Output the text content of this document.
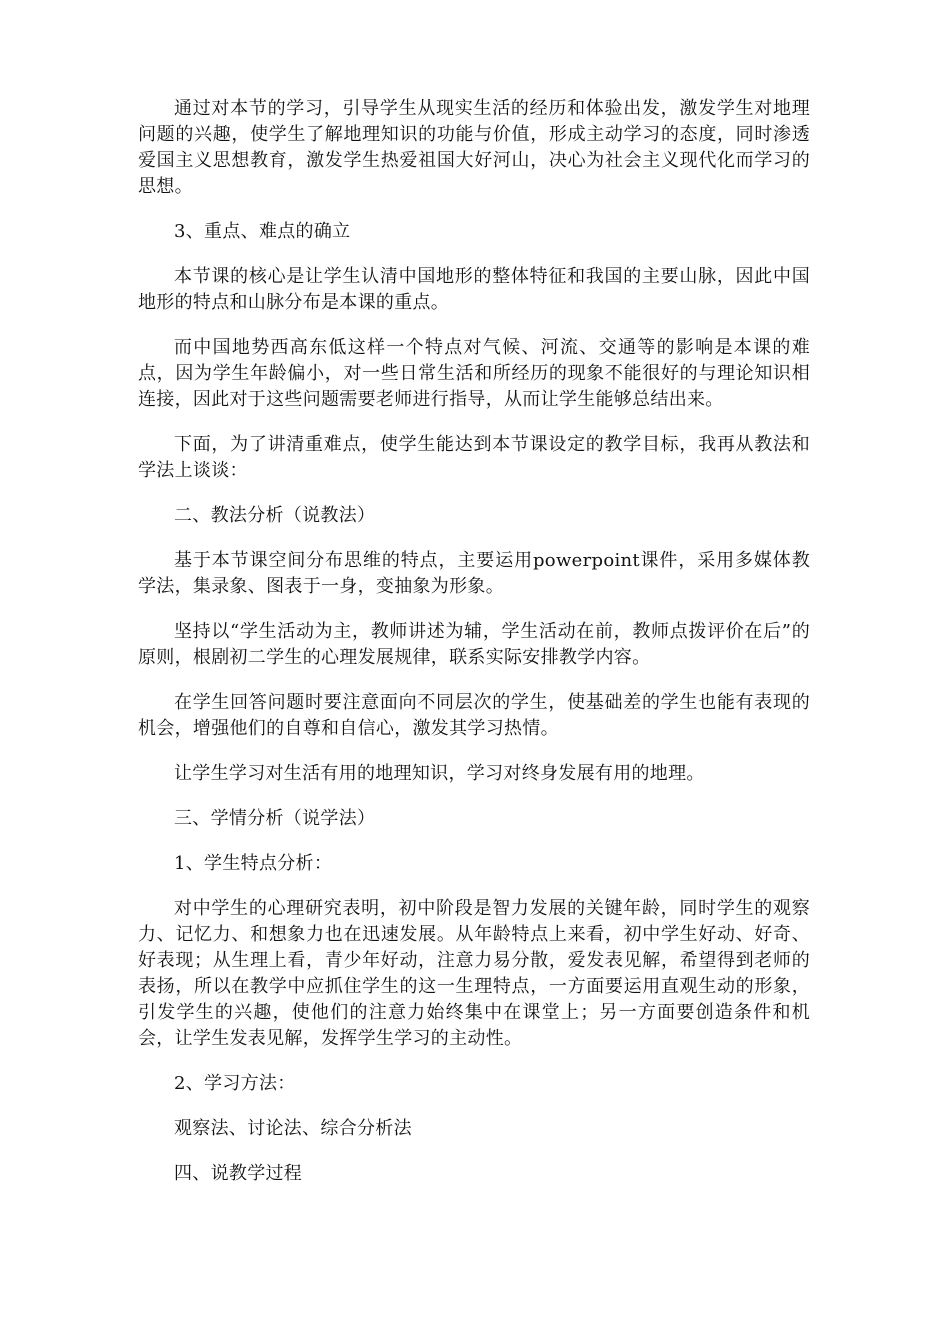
通过对本节的学习，引导学生从现实生活的经历和体验出发，激发学生对地理问题的兴趣，使学生了解地理知识的功能与价值，形成主动学习的态度，同时渗透爱国主义思想教育，激发学生热爱祖国大好河山，决心为社会主义现代化而学习的思想。

3、重点、难点的确立

本节课的核心是让学生认清中国地形的整体特征和我国的主要山脉，因此中国地形的特点和山脉分布是本课的重点。

而中国地势西高东低这样一个特点对气候、河流、交通等的影响是本课的难点，因为学生年龄偏小，对一些日常生活和所经历的现象不能很好的与理论知识相连接，因此对于这些问题需要老师进行指导，从而让学生能够总结出来。

下面，为了讲清重难点，使学生能达到本节课设定的教学目标，我再从教法和学法上谈谈：

二、教法分析（说教法）

基于本节课空间分布思维的特点，主要运用powerpoint课件，采用多媒体教学法，集录象、图表于一身，变抽象为形象。

坚持以“学生活动为主，教师讲述为辅，学生活动在前，教师点拨评价在后”的原则，根剧初二学生的心理发展规律，联系实际安排教学内容。

在学生回答问题时要注意面向不同层次的学生，使基础差的学生也能有表现的机会，增强他们的自尊和自信心，激发其学习热情。

让学生学习对生活有用的地理知识，学习对终身发展有用的地理。

三、学情分析（说学法）

1、学生特点分析：

对中学生的心理研究表明，初中阶段是智力发展的关键年龄，同时学生的观察力、记忆力、和想象力也在迅速发展。从年龄特点上来看，初中学生好动、好奇、好表现；从生理上看，青少年好动，注意力易分散，爱发表见解，希望得到老师的表扬，所以在教学中应抓住学生的这一生理特点，一方面要运用直观生动的形象，引发学生的兴趣，使他们的注意力始终集中在课堂上；另一方面要创造条件和机会，让学生发表见解，发挥学生学习的主动性。

2、学习方法：

观察法、讨论法、综合分析法

四、说教学过程
